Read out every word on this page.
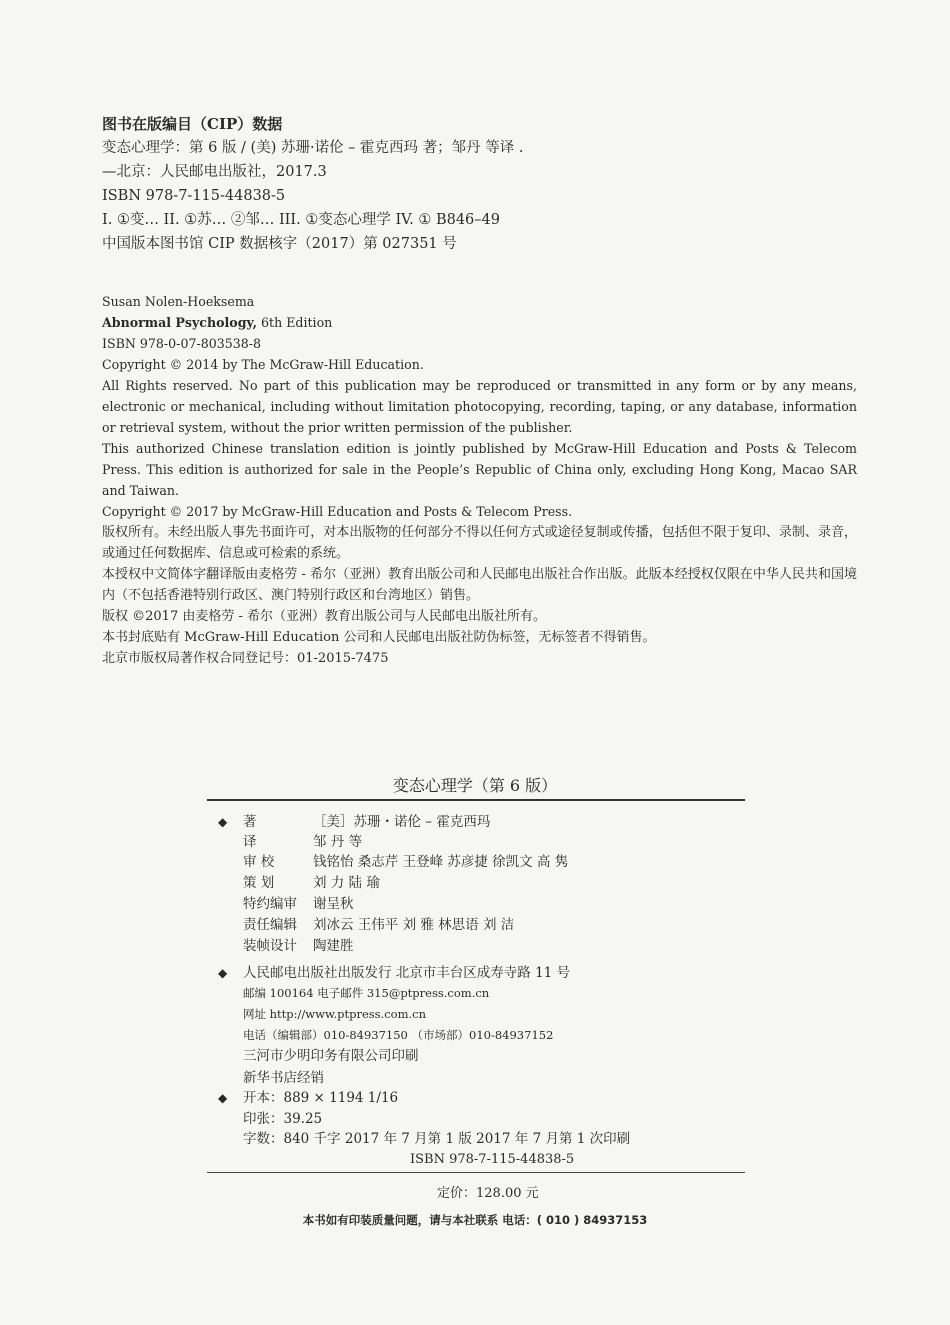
图书在版编目（CIP）数据
变态心理学：第 6 版 / (美) 苏珊·诺伦 – 霍克西玛 著；邹丹 等译 .
—北京：人民邮电出版社，2017.3
ISBN 978-7-115-44838-5
I. ①变… II. ①苏… ②邹… III. ①变态心理学 IV. ① B846–49
中国版本图书馆 CIP 数据核字（2017）第 027351 号
Susan Nolen-Hoeksema
Abnormal Psychology, 6th Edition
ISBN 978-0-07-803538-8
Copyright © 2014 by The McGraw-Hill Education.
All Rights reserved. No part of this publication may be reproduced or transmitted in any form or by any means, electronic or mechanical, including without limitation photocopying, recording, taping, or any database, information or retrieval system, without the prior written permission of the publisher.
This authorized Chinese translation edition is jointly published by McGraw-Hill Education and Posts & Telecom Press. This edition is authorized for sale in the People’s Republic of China only, excluding Hong Kong, Macao SAR and Taiwan.
Copyright © 2017 by McGraw-Hill Education and Posts & Telecom Press.
版权所有。未经出版人事先书面许可，对本出版物的任何部分不得以任何方式或途径复制或传播，包括但不限于复印、录制、录音，或通过任何数据库、信息或可检索的系统。
本授权中文简体字翻译版由麦格劳 - 希尔（亚洲）教育出版公司和人民邮电出版社合作出版。此版本经授权仅限在中华人民共和国境内（不包括香港特别行政区、澳门特别行政区和台湾地区）销售。
版权 ©2017 由麦格劳 - 希尔（亚洲）教育出版公司与人民邮电出版社所有。
本书封底贴有 McGraw-Hill Education 公司和人民邮电出版社防伪标签，无标签者不得销售。
北京市版权局著作权合同登记号：01-2015-7475
变态心理学（第 6 版）
◆ 著	［美］苏珊・诺伦 – 霍克西玛
译	邹 丹 等
审 校	钱铭怡 桑志芹 王登峰 苏彦捷 徐凯文 高 隽
策 划	刘 力 陆 瑜
特约编审 谢呈秋
责任编辑 刘冰云 王伟平 刘 雅 林思语 刘 洁
装帧设计 陶建胜
◆ 人民邮电出版社出版发行 北京市丰台区成寿寺路 11 号
邮编 100164 电子邮件 315@ptpress.com.cn
网址 http://www.ptpress.com.cn
电话（编辑部）010-84937150 （市场部）010-84937152
三河市少明印务有限公司印刷
新华书店经销
◆ 开本：889 × 1194 1/16
印张：39.25
字数：840 千字 2017 年 7 月第 1 版 2017 年 7 月第 1 次印刷
ISBN 978-7-115-44838-5
定价：128.00 元
本书如有印装质量问题，请与本社联系 电话：( 010 ) 84937153
